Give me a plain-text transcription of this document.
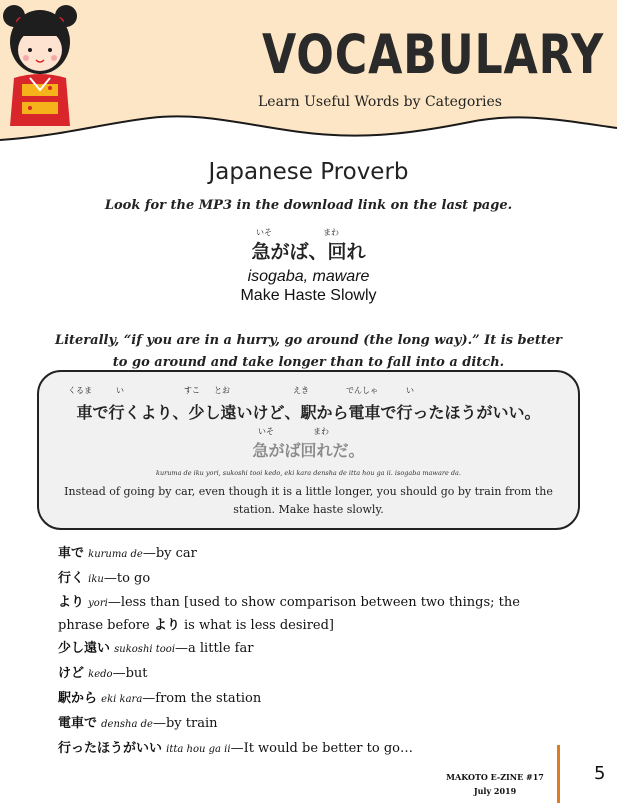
VOCABULARY
Learn Useful Words by Categories
Japanese Proverb
Look for the MP3 in the download link on the last page.
いそ	まわ
急がば、回れ
isogaba, maware
Make Haste Slowly
Literally, “if you are in a hurry, go around (the long way).” It is better to go around and take longer than to fall into a ditch.
くるま	い	すこ とお	えき	でんしゃ	い
車で行くより、少し遠いけど、駅から電車で行ったほうがいい。
いそ	まわ
急がば回れだ。
kuruma de iku yori, sukoshi tooi kedo, eki kara densha de itta hou ga ii. isogaba maware da.
Instead of going by car, even though it is a little longer, you should go by train from the station. Make haste slowly.
車で kuruma de—by car
行く iku—to go
より yori—less than [used to show comparison between two things; the phrase before より is what is less desired]
少し遠い sukoshi tooi—a little far
けど kedo—but
駅から eki kara—from the station
電車で densha de—by train
行ったほうがいい itta hou ga ii—It would be better to go…
MAKOTO E-ZINE #17
July 2019
5
